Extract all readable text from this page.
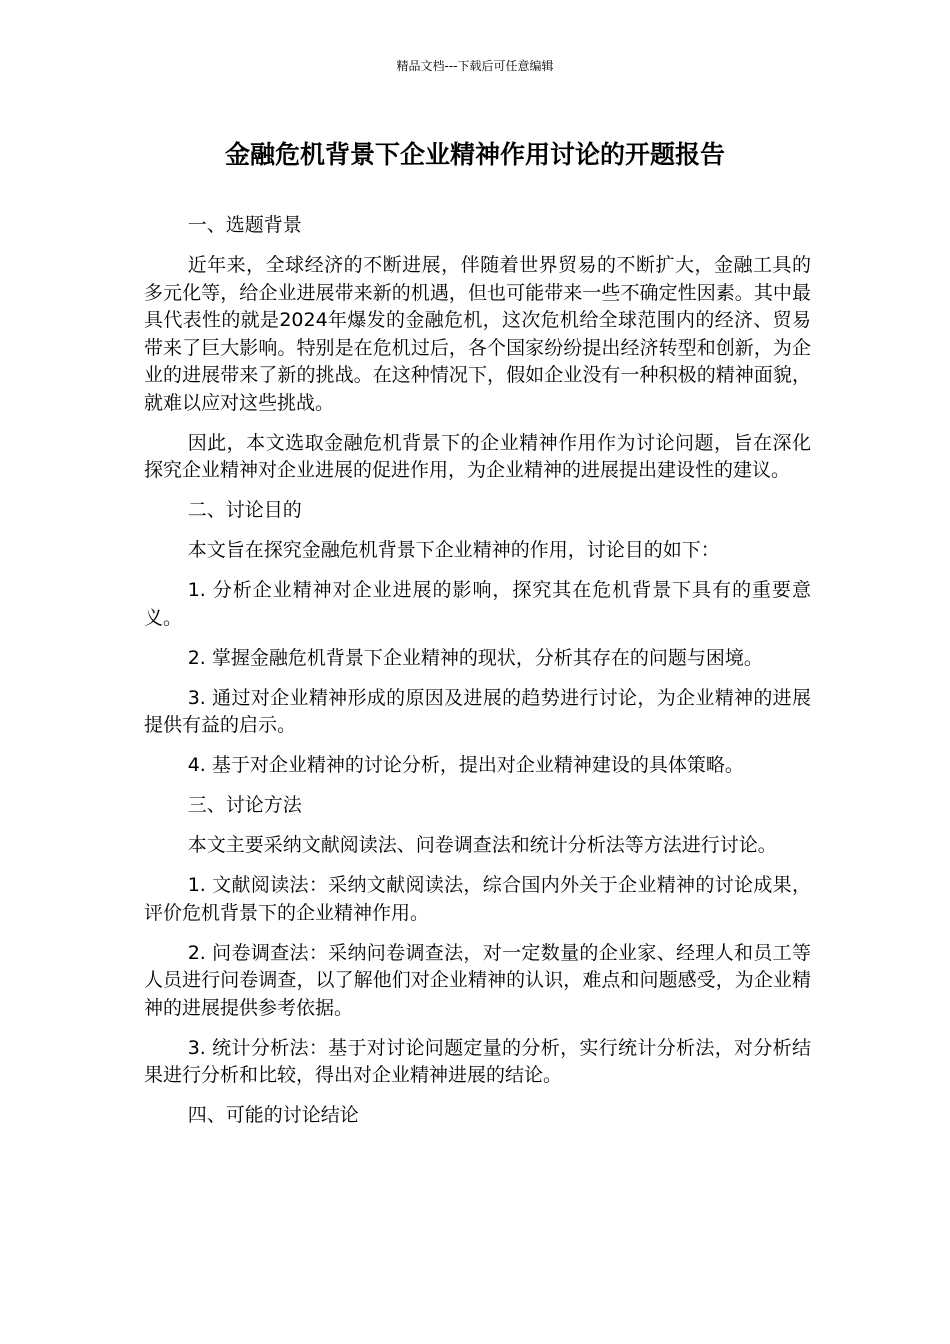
精品文档---下载后可任意编辑
金融危机背景下企业精神作用讨论的开题报告

一、选题背景

近年来，全球经济的不断进展，伴随着世界贸易的不断扩大，金融工具的多元化等，给企业进展带来新的机遇，但也可能带来一些不确定性因素。其中最具代表性的就是2024年爆发的金融危机，这次危机给全球范围内的经济、贸易带来了巨大影响。特别是在危机过后，各个国家纷纷提出经济转型和创新，为企业的进展带来了新的挑战。在这种情况下，假如企业没有一种积极的精神面貌，就难以应对这些挑战。

因此，本文选取金融危机背景下的企业精神作用作为讨论问题，旨在深化探究企业精神对企业进展的促进作用，为企业精神的进展提出建设性的建议。

二、讨论目的

本文旨在探究金融危机背景下企业精神的作用，讨论目的如下：

1. 分析企业精神对企业进展的影响，探究其在危机背景下具有的重要意义。

2. 掌握金融危机背景下企业精神的现状，分析其存在的问题与困境。

3. 通过对企业精神形成的原因及进展的趋势进行讨论，为企业精神的进展提供有益的启示。

4. 基于对企业精神的讨论分析，提出对企业精神建设的具体策略。

三、讨论方法

本文主要采纳文献阅读法、问卷调查法和统计分析法等方法进行讨论。

1. 文献阅读法：采纳文献阅读法，综合国内外关于企业精神的讨论成果，评价危机背景下的企业精神作用。

2. 问卷调查法：采纳问卷调查法，对一定数量的企业家、经理人和员工等人员进行问卷调查，以了解他们对企业精神的认识，难点和问题感受，为企业精神的进展提供参考依据。

3. 统计分析法：基于对讨论问题定量的分析，实行统计分析法，对分析结果进行分析和比较，得出对企业精神进展的结论。

四、可能的讨论结论
